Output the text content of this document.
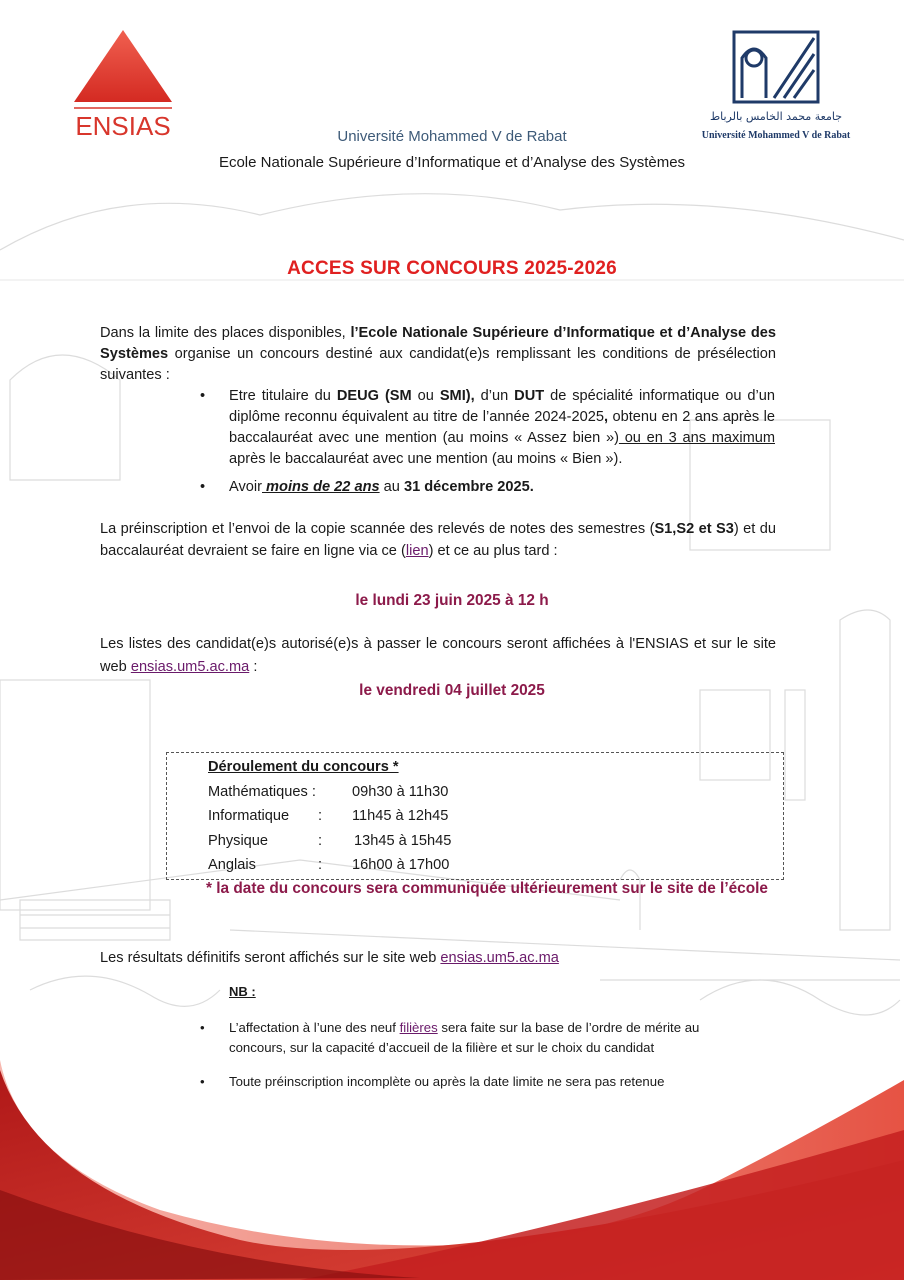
ENSIAS	جامعة محمد الخامس بالرباط
Université Mohammed V de Rabat
Université Mohammed V de Rabat
Ecole Nationale Supérieure d’Informatique et d’Analyse des Systèmes
ACCES SUR CONCOURS 2025-2026
Dans la limite des places disponibles, l’Ecole Nationale Supérieure d’Informatique et d’Analyse des Systèmes organise un concours destiné aux candidat(e)s remplissant les conditions de présélection suivantes :
• Etre titulaire du DEUG (SM ou SMI), d’un DUT de spécialité informatique ou d’un diplôme reconnu équivalent au titre de l’année 2024-2025, obtenu en 2 ans après le baccalauréat avec une mention (au moins « Assez bien ») ou en 3 ans maximum après le baccalauréat avec une mention (au moins « Bien »).
• Avoir moins de 22 ans au 31 décembre 2025.
La préinscription et l’envoi de la copie scannée des relevés de notes des semestres (S1,S2 et S3) et du baccalauréat devraient se faire en ligne via ce (lien) et ce au plus tard :
le lundi 23 juin 2025 à 12 h
Les listes des candidat(e)s autorisé(e)s à passer le concours seront affichées à l'ENSIAS et sur le site web ensias.um5.ac.ma :
le vendredi 04 juillet 2025
Déroulement du concours *
Mathématiques : 09h30 à 11h30
Informatique : 11h45 à 12h45
Physique	: 13h45 à 15h45
Anglais	: 16h00 à 17h00
* la date du concours sera communiquée ultérieurement sur le site de l’école
Les résultats définitifs seront affichés sur le site web ensias.um5.ac.ma
NB :
• L’affectation à l’une des neuf filières sera faite sur la base de l’ordre de mérite au concours, sur la capacité d’accueil de la filière et sur le choix du candidat
• Toute préinscription incomplète ou après la date limite ne sera pas retenue
